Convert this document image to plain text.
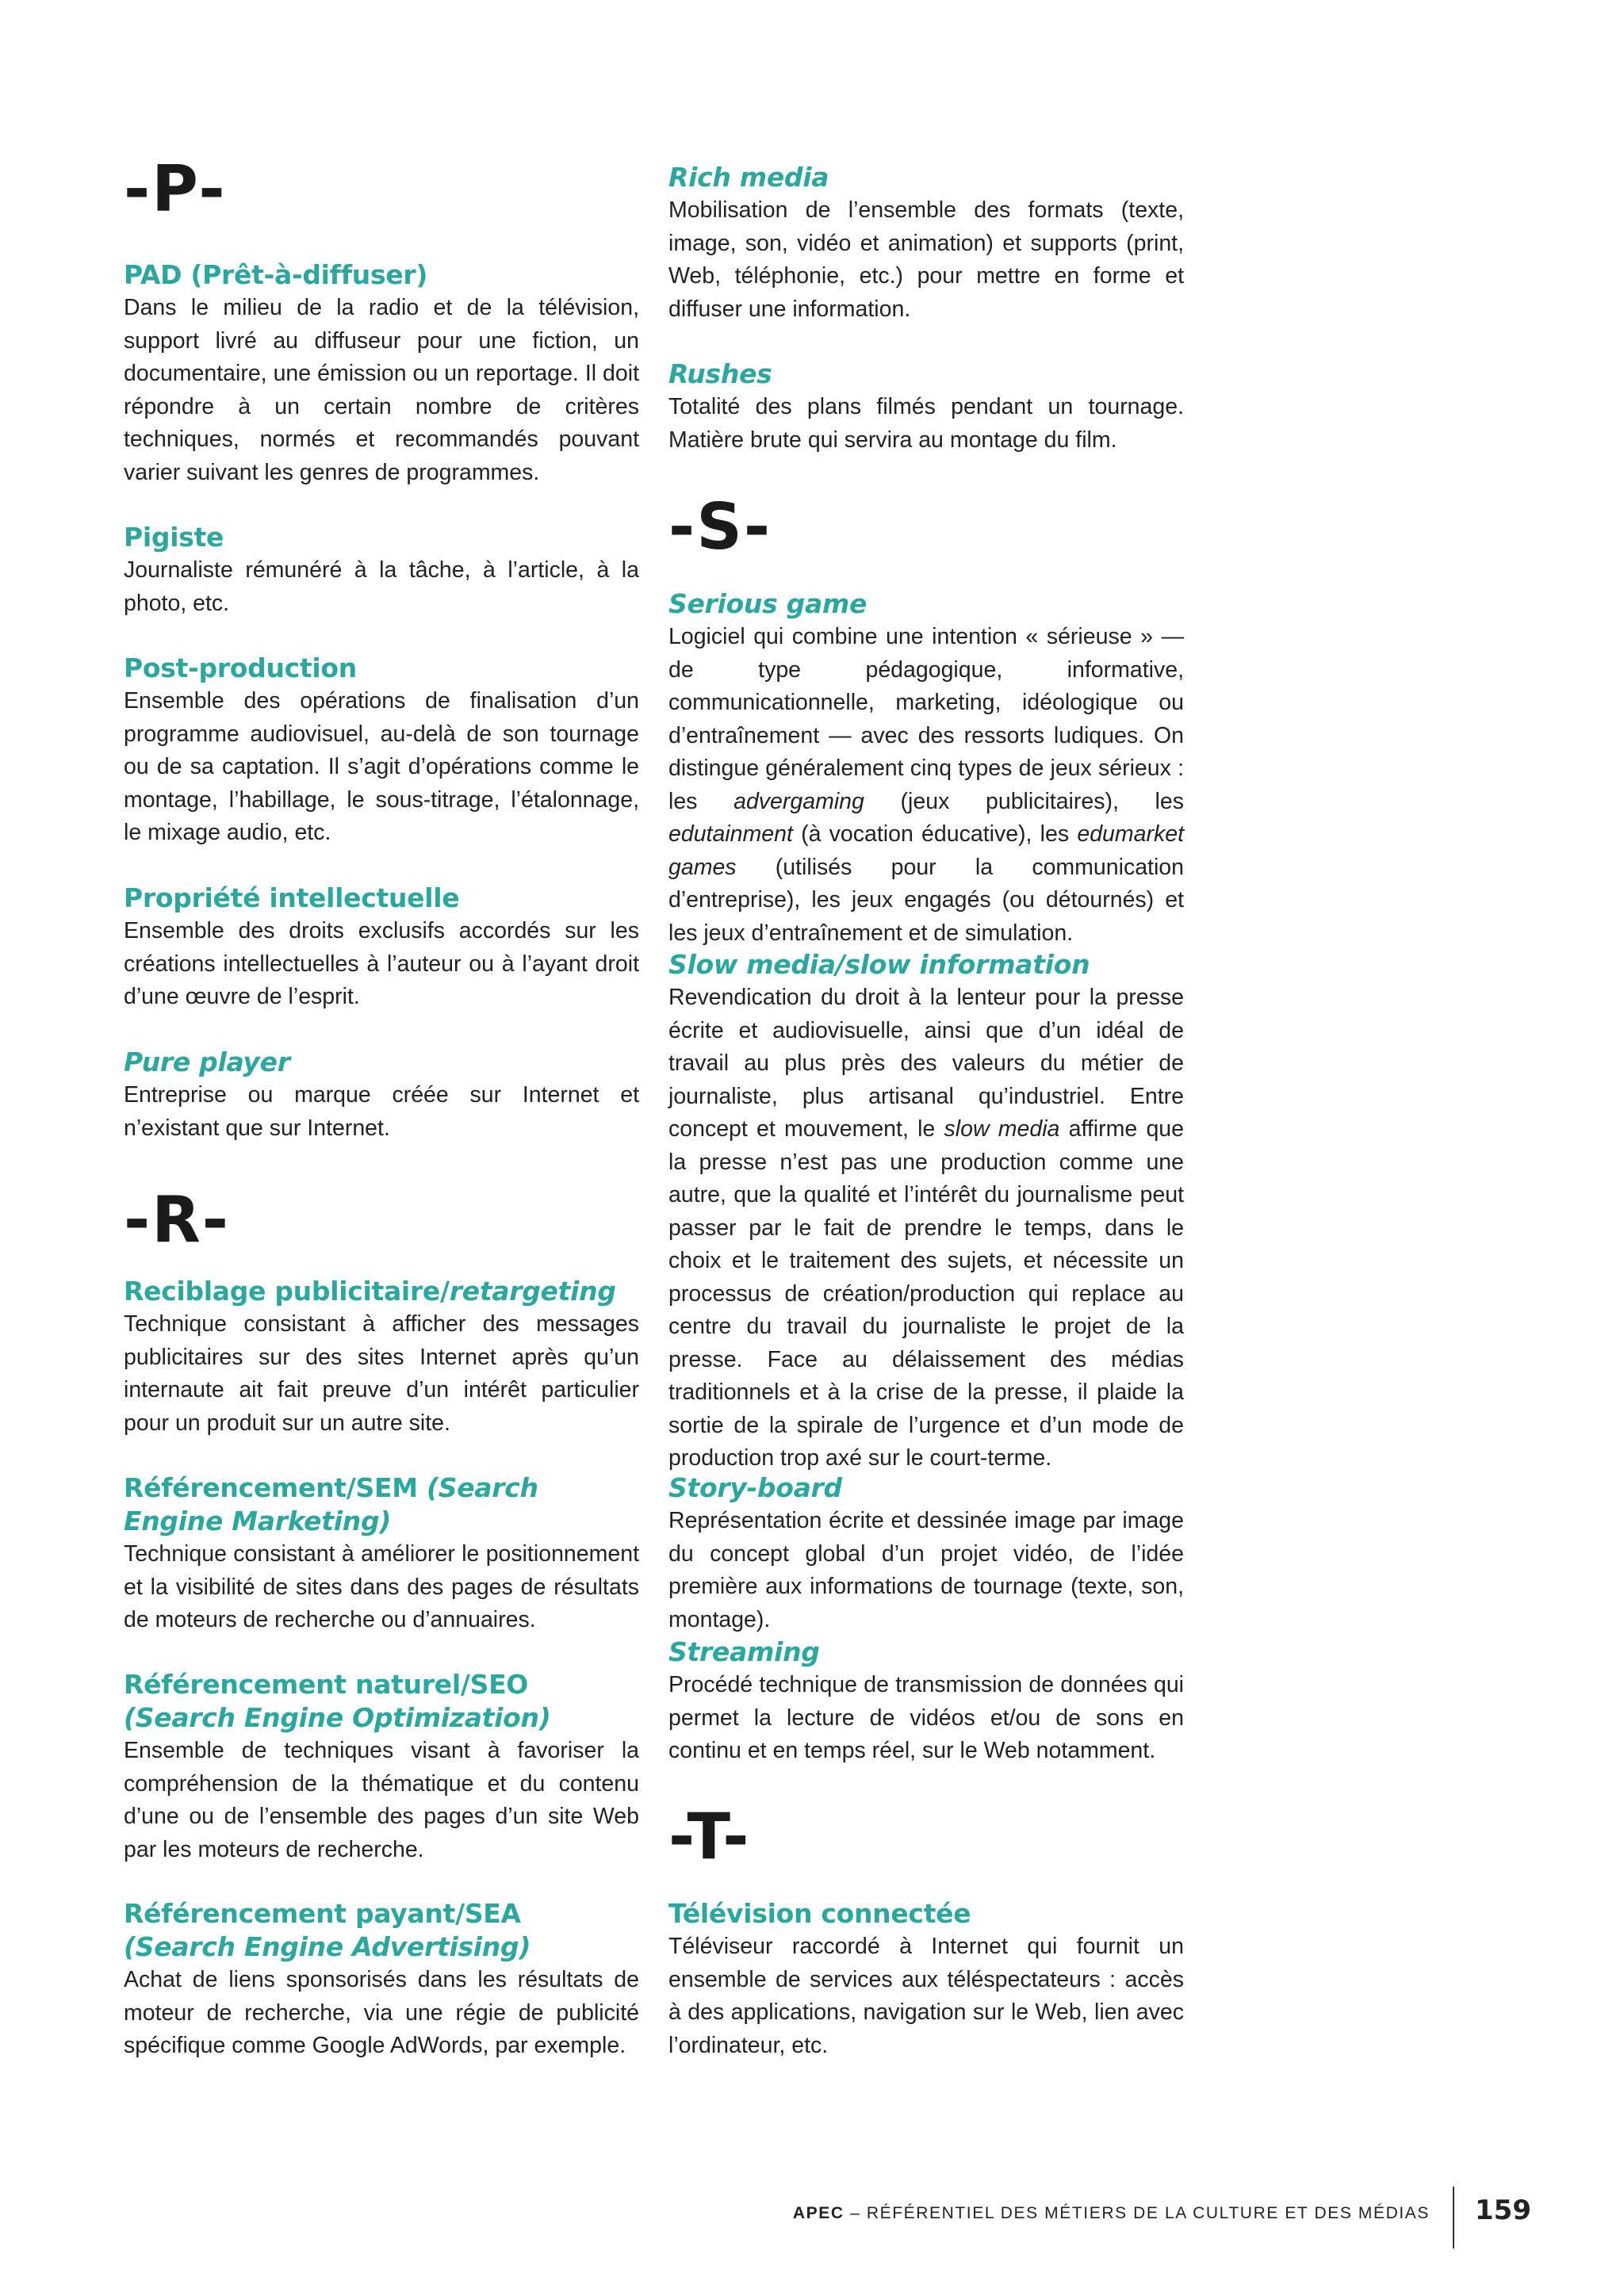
-P-
PAD (Prêt-à-diffuser)

Dans le milieu de la radio et de la télévision, support livré au diffuseur pour une fiction, un documentaire, une émission ou un reportage. Il doit répondre à un certain nombre de critères techniques, normés et recommandés pouvant varier suivant les genres de programmes.

Pigiste

Journaliste rémunéré à la tâche, à l’article, à la photo, etc.

Post-production

Ensemble des opérations de finalisation d’un programme audiovisuel, au-delà de son tournage ou de sa captation. Il s’agit d’opérations comme le montage, l’habillage, le sous-titrage, l’étalonnage, le mixage audio, etc.

Propriété intellectuelle

Ensemble des droits exclusifs accordés sur les créations intellectuelles à l’auteur ou à l’ayant droit d’une œuvre de l’esprit.

Pure player

Entreprise ou marque créée sur Internet et n’existant que sur Internet.

-R-
Reciblage publicitaire/retargeting

Technique consistant à afficher des messages publicitaires sur des sites Internet après qu’un internaute ait fait preuve d’un intérêt particulier pour un produit sur un autre site.

Référencement/SEM (Search Engine Marketing)

Technique consistant à améliorer le positionnement et la visibilité de sites dans des pages de résultats de moteurs de recherche ou d’annuaires.

Référencement naturel/SEO (Search Engine Optimization)

Ensemble de techniques visant à favoriser la compréhension de la thématique et du contenu d’une ou de l’ensemble des pages d’un site Web par les moteurs de recherche.

Référencement payant/SEA (Search Engine Advertising)

Achat de liens sponsorisés dans les résultats de moteur de recherche, via une régie de publicité spécifique comme Google AdWords, par exemple.

Rich media

Mobilisation de l’ensemble des formats (texte, image, son, vidéo et animation) et supports (print, Web, téléphonie, etc.) pour mettre en forme et diffuser une information.

Rushes

Totalité des plans filmés pendant un tournage. Matière brute qui servira au montage du film.

-S-
Serious game

Logiciel qui combine une intention « sérieuse » — de type pédagogique, informative, communicationnelle, marketing, idéologique ou d’entraînement — avec des ressorts ludiques. On distingue généralement cinq types de jeux sérieux : les advergaming (jeux publicitaires), les edutainment (à vocation éducative), les edumarket games (utilisés pour la communication d’entreprise), les jeux engagés (ou détournés) et les jeux d’entraînement et de simulation.

Slow media/slow information

Revendication du droit à la lenteur pour la presse écrite et audiovisuelle, ainsi que d’un idéal de travail au plus près des valeurs du métier de journaliste, plus artisanal qu’industriel. Entre concept et mouvement, le slow media affirme que la presse n’est pas une production comme une autre, que la qualité et l’intérêt du journalisme peut passer par le fait de prendre le temps, dans le choix et le traitement des sujets, et nécessite un processus de création/production qui replace au centre du travail du journaliste le projet de la presse. Face au délaissement des médias traditionnels et à la crise de la presse, il plaide la sortie de la spirale de l’urgence et d’un mode de production trop axé sur le court-terme.

Story-board

Représentation écrite et dessinée image par image du concept global d’un projet vidéo, de l’idée première aux informations de tournage (texte, son, montage).

Streaming

Procédé technique de transmission de données qui permet la lecture de vidéos et/ou de sons en continu et en temps réel, sur le Web notamment.

-T-
Télévision connectée

Téléviseur raccordé à Internet qui fournit un ensemble de services aux téléspectateurs : accès à des applications, navigation sur le Web, lien avec l’ordinateur, etc.

APEC – RÉFÉRENTIEL DES MÉTIERS DE LA CULTURE ET DES MÉDIAS 159
